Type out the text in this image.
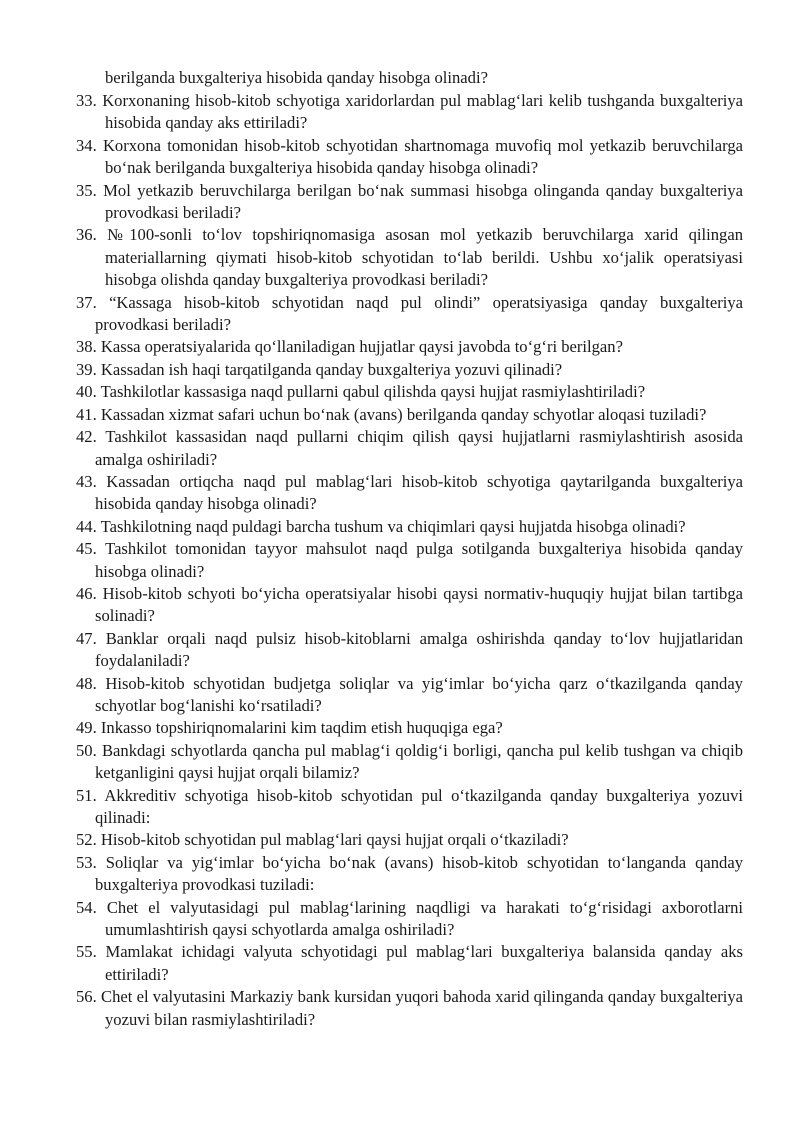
berilganda buxgalteriya hisobida qanday hisobga olinadi?

33. Korxonaning hisob-kitob schyotiga xaridorlardan pul mablag‘lari kelib tushganda buxgalteriya hisobida qanday aks ettiriladi?
34. Korxona tomonidan hisob-kitob schyotidan shartnomaga muvofiq mol yetkazib beruvchilarga bo‘nak berilganda buxgalteriya hisobida qanday hisobga olinadi?
35. Mol yetkazib beruvchilarga berilgan bo‘nak summasi hisobga olinganda qanday buxgalteriya provodkasi beriladi?
36. №100-sonli to‘lov topshiriqnomasiga asosan mol yetkazib beruvchilarga xarid qilingan materiallarning qiymati hisob-kitob schyotidan to‘lab berildi. Ushbu xo‘jalik operatsiyasi hisobga olishda qanday buxgalteriya provodkasi beriladi?
37. “Kassaga hisob-kitob schyotidan naqd pul olindi” operatsiyasiga qanday buxgalteriya provodkasi beriladi?
38. Kassa operatsiyalarida qo‘llaniladigan hujjatlar qaysi javobda to‘g‘ri berilgan?
39. Kassadan ish haqi tarqatilganda qanday buxgalteriya yozuvi qilinadi?
40. Tashkilotlar kassasiga naqd pullarni qabul qilishda qaysi hujjat rasmiylashtiriladi?
41. Kassadan xizmat safari uchun bo‘nak (avans) berilganda qanday schyotlar aloqasi tuziladi?
42. Tashkilot kassasidan naqd pullarni chiqim qilish qaysi hujjatlarni rasmiylashtirish asosida amalga oshiriladi?
43. Kassadan ortiqcha naqd pul mablag‘lari hisob-kitob schyotiga qaytarilganda buxgalteriya hisobida qanday hisobga olinadi?
44. Tashkilotning naqd puldagi barcha tushum va chiqimlari qaysi hujjatda hisobga olinadi?
45. Tashkilot tomonidan tayyor mahsulot naqd pulga sotilganda buxgalteriya hisobida qanday hisobga olinadi?
46. Hisob-kitob schyoti bo‘yicha operatsiyalar hisobi qaysi normativ-huquqiy hujjat bilan tartibga solinadi?
47. Banklar orqali naqd pulsiz hisob-kitoblarni amalga oshirishda qanday to‘lov hujjatlaridan foydalaniladi?
48. Hisob-kitob schyotidan budjetga soliqlar va yig‘imlar bo‘yicha qarz o‘tkazilganda qanday schyotlar bog‘lanishi ko‘rsatiladi?
49. Inkasso topshiriqnomalarini kim taqdim etish huquqiga ega?
50. Bankdagi schyotlarda qancha pul mablag‘i qoldig‘i borligi, qancha pul kelib tushgan va chiqib ketganligini qaysi hujjat orqali bilamiz?
51. Akkreditiv schyotiga hisob-kitob schyotidan pul o‘tkazilganda qanday buxgalteriya yozuvi qilinadi:
52. Hisob-kitob schyotidan pul mablag‘lari qaysi hujjat orqali o‘tkaziladi?
53. Soliqlar va yig‘imlar bo‘yicha bo‘nak (avans) hisob-kitob schyotidan to‘langanda qanday buxgalteriya provodkasi tuziladi:
54. Chet el valyutasidagi pul mablag‘larining naqdligi va harakati to‘g‘risidagi axborotlarni umumlashtirish qaysi schyotlarda amalga oshiriladi?
55. Mamlakat ichidagi valyuta schyotidagi pul mablag‘lari buxgalteriya balansida qanday aks ettiriladi?
56. Chet el valyutasini Markaziy bank kursidan yuqori bahoda xarid qilinganda qanday buxgalteriya yozuvi bilan rasmiylashtiriladi?
